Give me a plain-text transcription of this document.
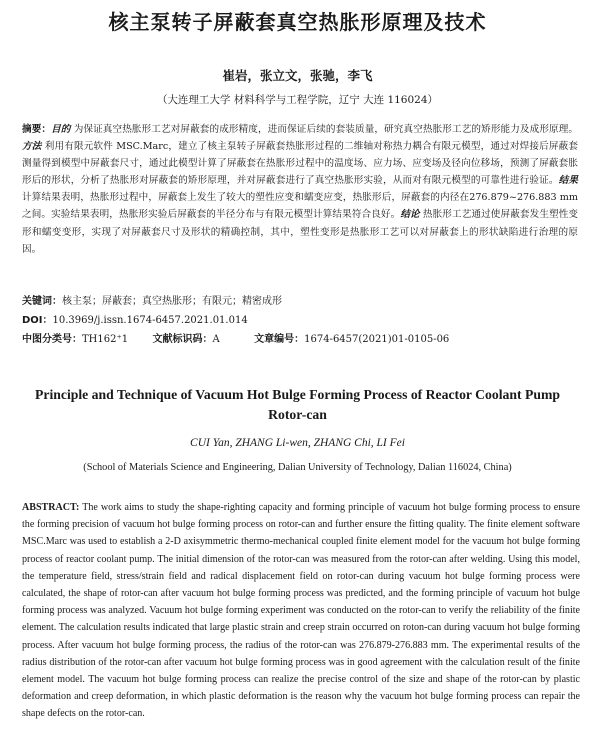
核主泵转子屏蔽套真空热胀形原理及技术
崔岩，张立文，张驰，李飞
（大连理工大学 材料科学与工程学院，辽宁 大连 116024）
摘要：目的 为保证真空热胀形工艺对屏蔽套的成形精度，进而保证后续的套装质量，研究真空热胀形工艺的矫形能力及成形原理。方法 利用有限元软件 MSC.Marc，建立了核主泵转子屏蔽套热胀形过程的二维轴对称热力耦合有限元模型，通过对焊接后屏蔽套测量得到模型中屏蔽套尺寸，通过此模型计算了屏蔽套在热胀形过程中的温度场、应力场、应变场及径向位移场，预测了屏蔽套胀形后的形状，分析了热胀形对屏蔽套的矫形原理，并对屏蔽套进行了真空热胀形实验，从而对有限元模型的可靠性进行验证。结果 计算结果表明，热胀形过程中，屏蔽套上发生了较大的塑性应变和蠕变应变，热胀形后，屏蔽套的内径在276.879~276.883 mm 之间。实验结果表明，热胀形实验后屏蔽套的半径分布与有限元模型计算结果符合良好。结论 热胀形工艺通过使屏蔽套发生塑性变形和蠕变变形，实现了对屏蔽套尺寸及形状的精确控制，其中，塑性变形是热胀形工艺可以对屏蔽套上的形状缺陷进行治理的原因。
关键词：核主泵；屏蔽套；真空热胀形；有限元；精密成形
DOI：10.3969/j.issn.1674-6457.2021.01.014
中图分类号：TH162⁺1 文献标识码：A	文章编号：1674-6457(2021)01-0105-06
Principle and Technique of Vacuum Hot Bulge Forming Process of Reactor Coolant Pump Rotor-can
CUI Yan, ZHANG Li-wen, ZHANG Chi, LI Fei
(School of Materials Science and Engineering, Dalian University of Technology, Dalian 116024, China)
ABSTRACT: The work aims to study the shape-righting capacity and forming principle of vacuum hot bulge forming process to ensure the forming precision of vacuum hot bulge forming process on rotor-can and further ensure the fitting quality. The finite element software MSC.Marc was used to establish a 2-D axisymmetric thermo-mechanical coupled finite element model for the vacuum hot bulge forming process of reactor coolant pump. The initial dimension of the rotor-can was measured from the rotor-can after welding. Using this model, the temperature field, stress/strain field and radical displacement field on rotor-can during vacuum hot bulge forming process were calculated, the shape of rotor-can after vacuum hot bulge forming process was predicted, and the forming principle of vacuum hot bulge forming process was analyzed. Vacuum hot bulge forming experiment was conducted on the rotor-can to verify the reliability of the finite element. The calculation results indicated that large plastic strain and creep strain occurred on roton-can during vacuum hot bulge forming process. After vacuum hot bulge forming process, the radius of the rotor-can was 276.879-276.883 mm. The experimental results of the radius distribution of the rotor-can after vacuum hot bulge forming process was in good agreement with the calculation result of the finite element model. The vacuum hot bulge forming process can realize the precise control of the size and shape of the rotor-can by plastic deformation and creep deformation, in which plastic deformation is the reason why the vacuum hot bulge forming process can repair the shape defects on the rotor-can.
